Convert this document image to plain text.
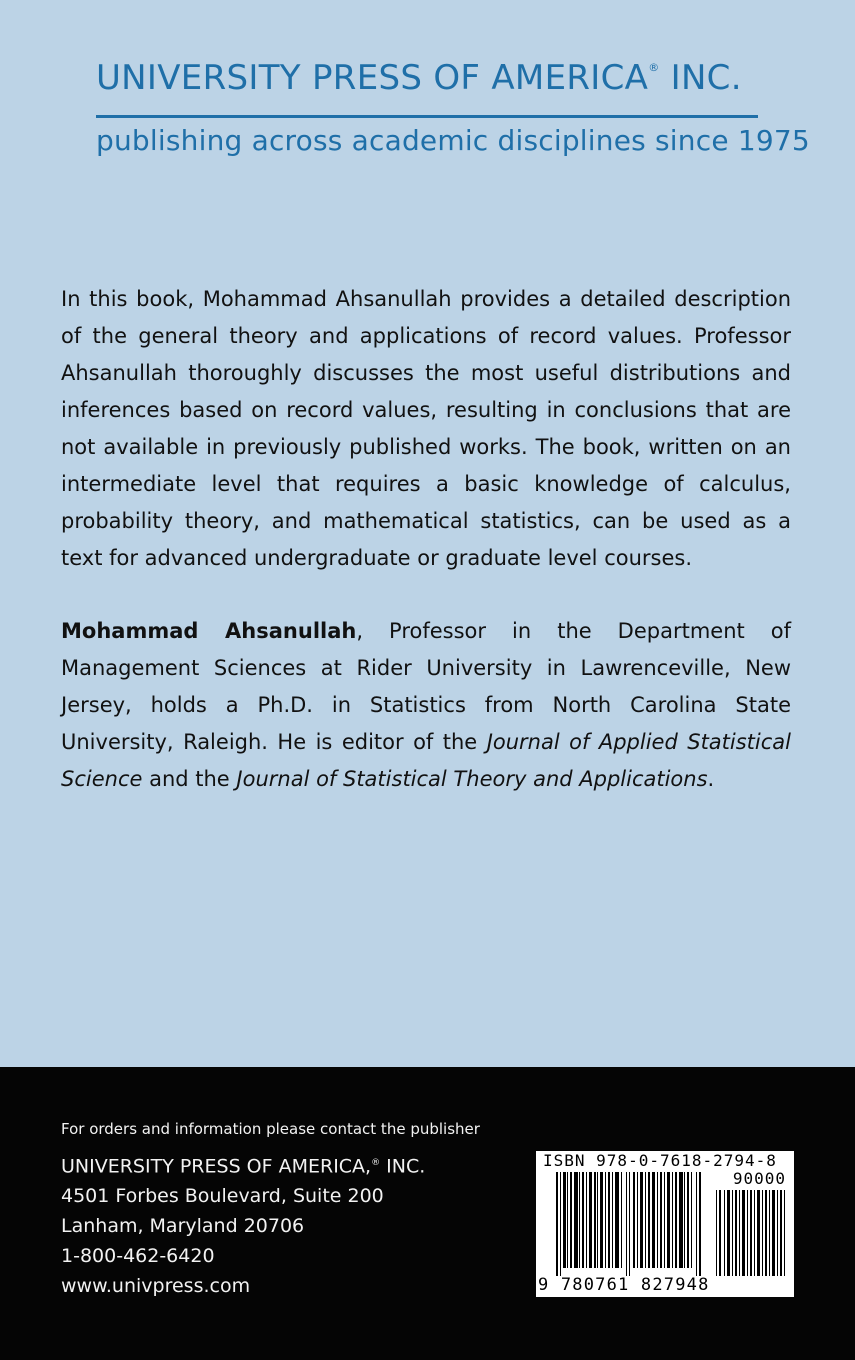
UNIVERSITY PRESS OF AMERICA® INC.
publishing across academic disciplines since 1975
In this book, Mohammad Ahsanullah provides a detailed description of the general theory and applications of record values. Professor Ahsanullah thoroughly discusses the most useful distributions and inferences based on record values, resulting in conclusions that are not available in previously published works. The book, written on an intermediate level that requires a basic knowledge of calculus, probability theory, and mathematical statistics, can be used as a text for advanced undergraduate or graduate level courses.
Mohammad Ahsanullah, Professor in the Department of Management Sciences at Rider University in Lawrenceville, New Jersey, holds a Ph.D. in Statistics from North Carolina State University, Raleigh. He is editor of the Journal of Applied Statistical Science and the Journal of Statistical Theory and Applications.
For orders and information please contact the publisher
UNIVERSITY PRESS OF AMERICA,® INC.
4501 Forbes Boulevard, Suite 200
Lanham, Maryland 20706
1-800-462-6420
www.univpress.com
ISBN 978-0-7618-2794-8
90000
9 780761 827948
